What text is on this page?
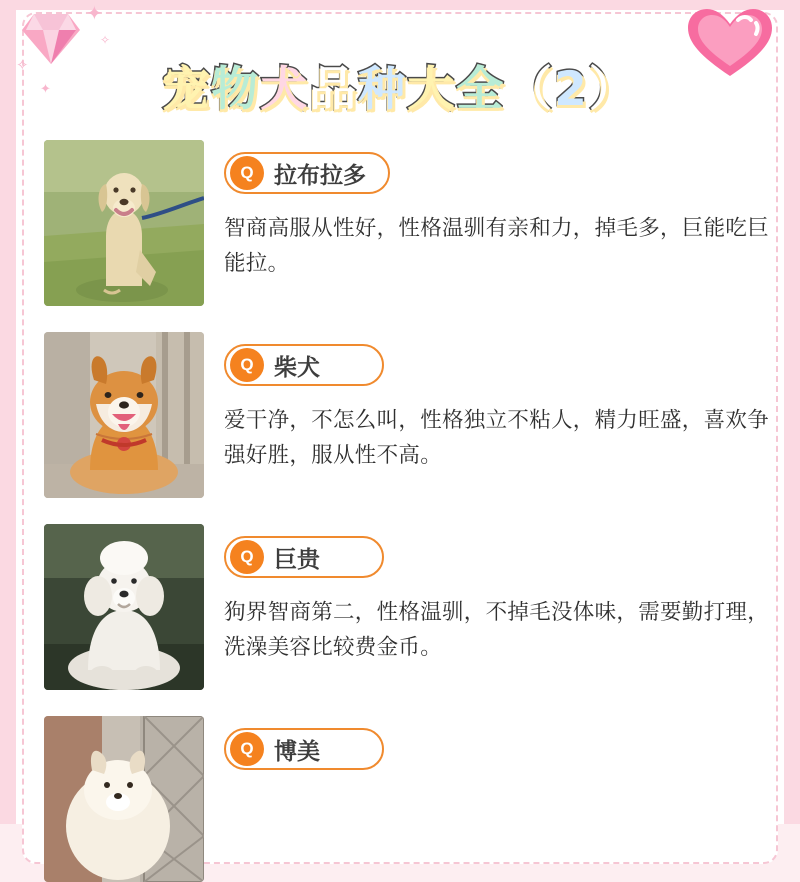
✦
✧
✦
✧
宠物犬品种大全（2）
Q 拉布拉多
智商高服从性好，性格温驯有亲和力，掉毛多，巨能吃巨能拉。
Q 柴犬
爱干净，不怎么叫，性格独立不粘人，精力旺盛，喜欢争强好胜，服从性不高。
Q 巨贵
狗界智商第二，性格温驯，不掉毛没体味，需要勤打理，洗澡美容比较费金币。
Q 博美
